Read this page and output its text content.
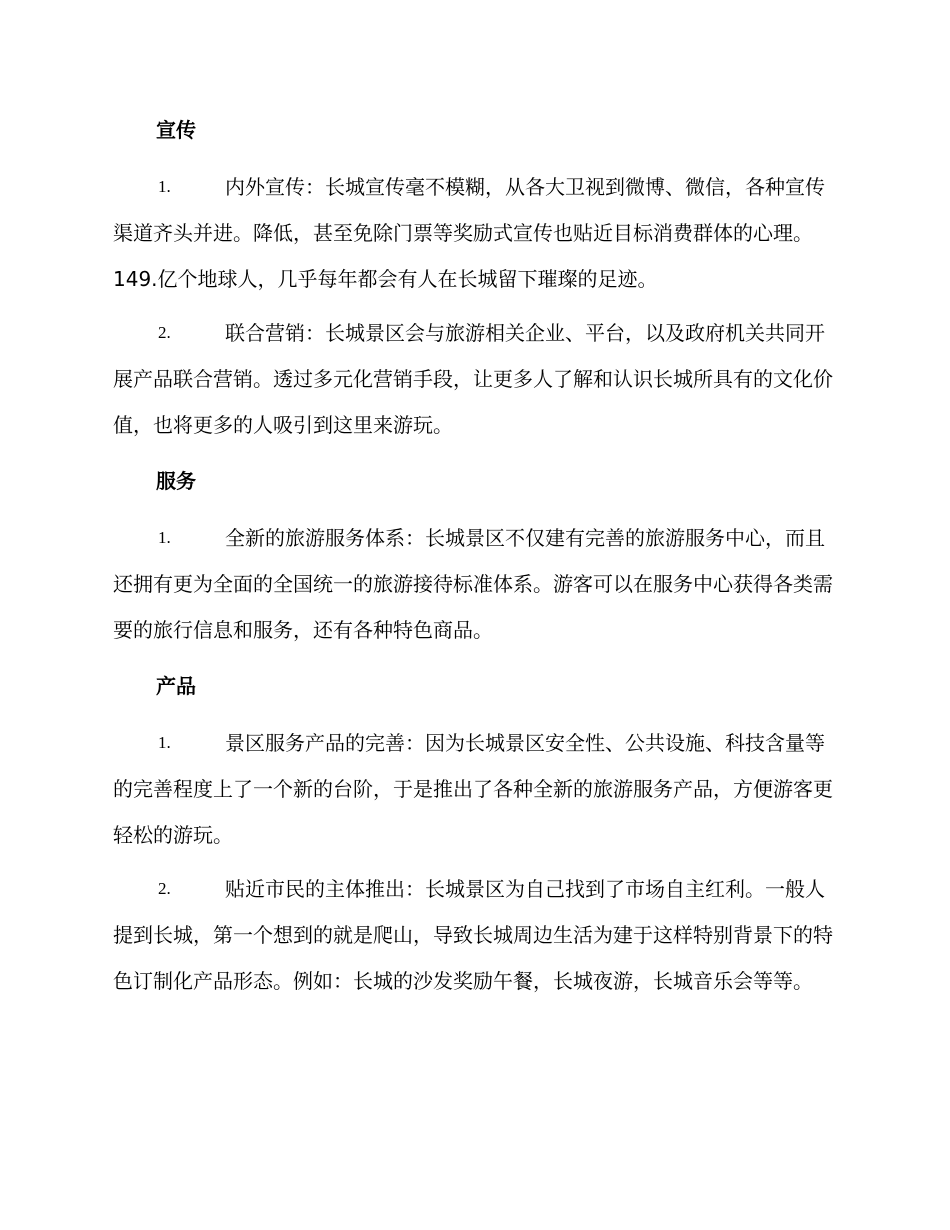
宣传
1.	内外宣传：长城宣传毫不模糊，从各大卫视到微博、微信，各种宣传渠道齐头并进。降低，甚至免除门票等奖励式宣传也贴近目标消费群体的心理。149.亿个地球人，几乎每年都会有人在长城留下璀璨的足迹。
2.	联合营销：长城景区会与旅游相关企业、平台，以及政府机关共同开展产品联合营销。透过多元化营销手段，让更多人了解和认识长城所具有的文化价值，也将更多的人吸引到这里来游玩。
服务
1.	全新的旅游服务体系：长城景区不仅建有完善的旅游服务中心，而且还拥有更为全面的全国统一的旅游接待标准体系。游客可以在服务中心获得各类需要的旅行信息和服务，还有各种特色商品。
产品
1.	景区服务产品的完善：因为长城景区安全性、公共设施、科技含量等的完善程度上了一个新的台阶，于是推出了各种全新的旅游服务产品，方便游客更轻松的游玩。
2.	贴近市民的主体推出：长城景区为自己找到了市场自主红利。一般人提到长城，第一个想到的就是爬山，导致长城周边生活为建于这样特别背景下的特色订制化产品形态。例如：长城的沙发奖励午餐，长城夜游，长城音乐会等等。
